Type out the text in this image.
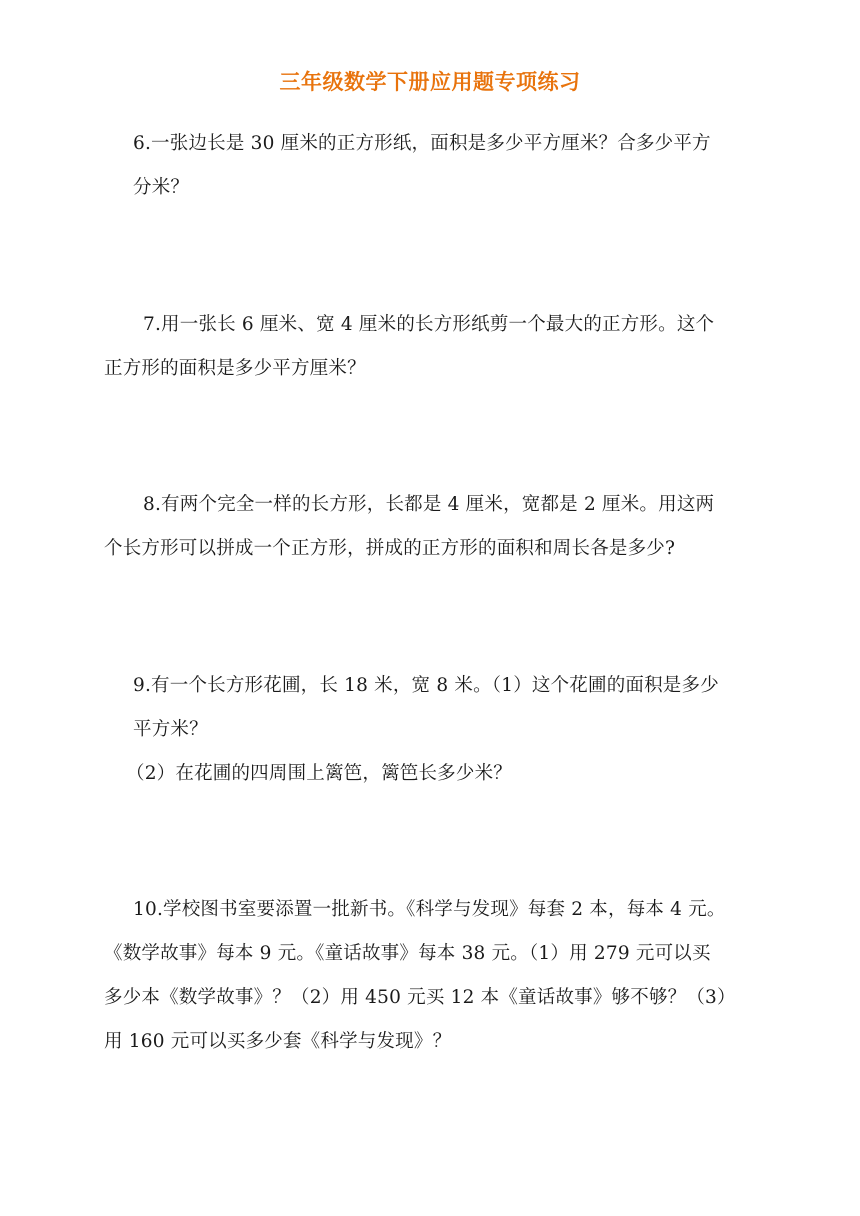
三年级数学下册应用题专项练习
6.一张边长是 30 厘米的正方形纸，面积是多少平方厘米？合多少平方
分米？
7.用一张长 6 厘米、宽 4 厘米的长方形纸剪一个最大的正方形。这个
正方形的面积是多少平方厘米？
8.有两个完全一样的长方形，长都是 4 厘米，宽都是 2 厘米。用这两
个长方形可以拼成一个正方形，拼成的正方形的面积和周长各是多少?
9.有一个长方形花圃，长 18 米，宽 8 米。（1）这个花圃的面积是多少
平方米？
（2）在花圃的四周围上篱笆，篱笆长多少米？
10.学校图书室要添置一批新书。《科学与发现》每套 2 本，每本 4 元。
《数学故事》每本 9 元。《童话故事》每本 38 元。（1）用 279 元可以买
多少本《数学故事》？（2）用 450 元买 12 本《童话故事》够不够？（3）
用 160 元可以买多少套《科学与发现》？
